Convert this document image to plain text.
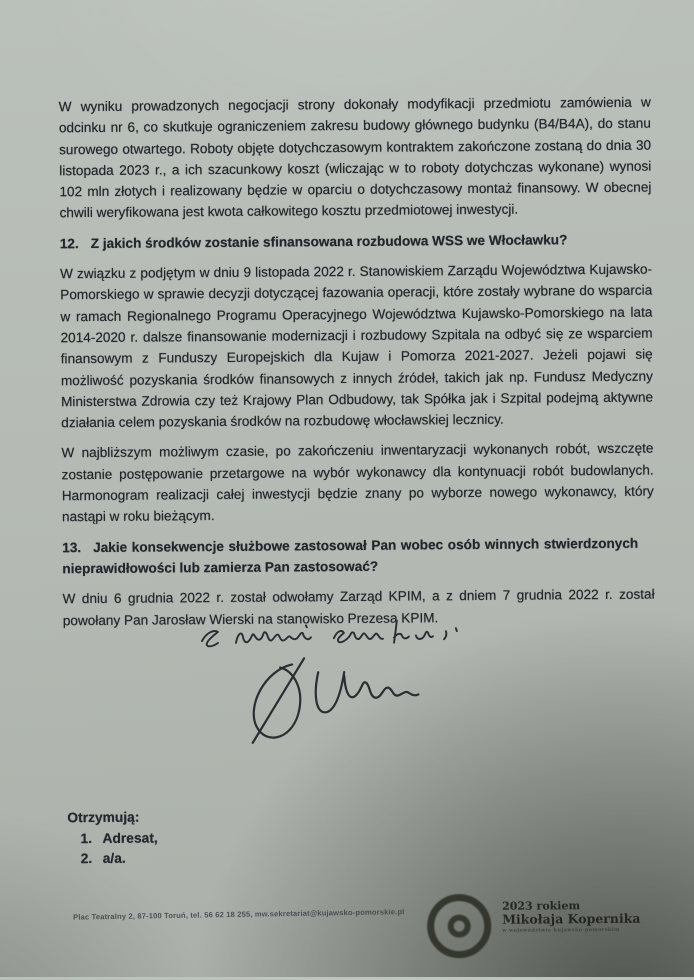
W wyniku prowadzonych negocjacji strony dokonały modyfikacji przedmiotu zamówienia w odcinku nr 6, co skutkuje ograniczeniem zakresu budowy głównego budynku (B4/B4A), do stanu surowego otwartego. Roboty objęte dotychczasowym kontraktem zakończone zostaną do dnia 30 listopada 2023 r., a ich szacunkowy koszt (wliczając w to roboty dotychczas wykonane) wynosi 102 mln złotych i realizowany będzie w oparciu o dotychczasowy montaż finansowy. W obecnej chwili weryfikowana jest kwota całkowitego kosztu przedmiotowej inwestycji.

12. Z jakich środków zostanie sfinansowana rozbudowa WSS we Włocławku?

W związku z podjętym w dniu 9 listopada 2022 r. Stanowiskiem Zarządu Województwa Kujawsko-Pomorskiego w sprawie decyzji dotyczącej fazowania operacji, które zostały wybrane do wsparcia w ramach Regionalnego Programu Operacyjnego Województwa Kujawsko-Pomorskiego na lata 2014-2020 r. dalsze finansowanie modernizacji i rozbudowy Szpitala na odbyć się ze wsparciem finansowym z Funduszy Europejskich dla Kujaw i Pomorza 2021-2027. Jeżeli pojawi się możliwość pozyskania środków finansowych z innych źródeł, takich jak np. Fundusz Medyczny Ministerstwa Zdrowia czy też Krajowy Plan Odbudowy, tak Spółka jak i Szpital podejmą aktywne działania celem pozyskania środków na rozbudowę włocławskiej lecznicy.

W najbliższym możliwym czasie, po zakończeniu inwentaryzacji wykonanych robót, wszczęte zostanie postępowanie przetargowe na wybór wykonawcy dla kontynuacji robót budowlanych. Harmonogram realizacji całej inwestycji będzie znany po wyborze nowego wykonawcy, który nastąpi w roku bieżącym.

13. Jakie konsekwencje służbowe zastosował Pan wobec osób winnych stwierdzonych nieprawidłowości lub zamierza Pan zastosować?

W dniu 6 grudnia 2022 r. został odwołamy Zarząd KPIM, a z dniem 7 grudnia 2022 r. został powołany Pan Jarosław Wierski na stanowisko Prezesa KPIM.

Otrzymują:
1. Adresat,
2. a/a.
Plac Teatralny 2, 87-100 Toruń, tel. 56 62 18 255, mw.sekretariat@kujawsko-pomorskie.pl
2023 rokiem
Mikołaja Kopernika
w województwie kujawsko-pomorskim
